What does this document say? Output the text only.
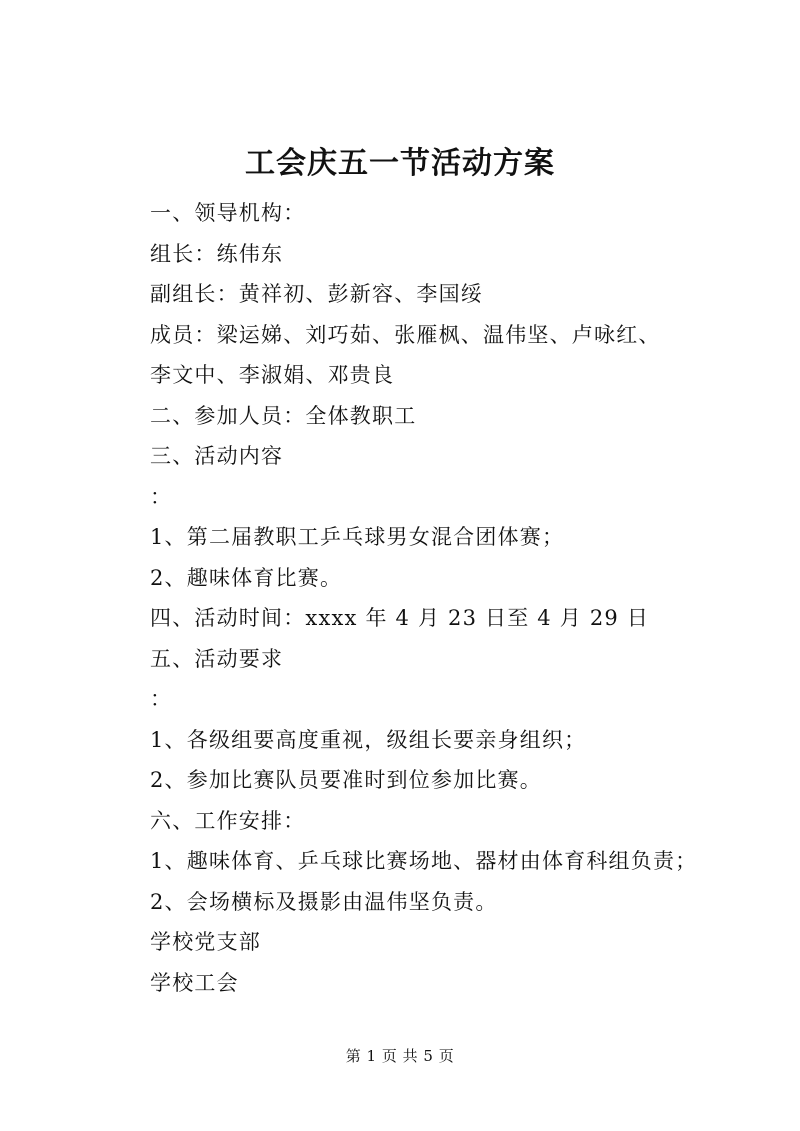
工会庆五一节活动方案
一、领导机构：
组长：练伟东
副组长：黄祥初、彭新容、李国绥
成员：梁运娣、刘巧茹、张雁枫、温伟坚、卢咏红、
李文中、李淑娟、邓贵良
二、参加人员：全体教职工
三、活动内容
：
1、第二届教职工乒乓球男女混合团体赛；
2、趣味体育比赛。
四、活动时间：xxxx 年 4 月 23 日至 4 月 29 日
五、活动要求
：
1、各级组要高度重视，级组长要亲身组织；
2、参加比赛队员要准时到位参加比赛。
六、工作安排：
1、趣味体育、乒乓球比赛场地、器材由体育科组负责；
2、会场横标及摄影由温伟坚负责。
学校党支部
学校工会
第 1 页 共 5 页
